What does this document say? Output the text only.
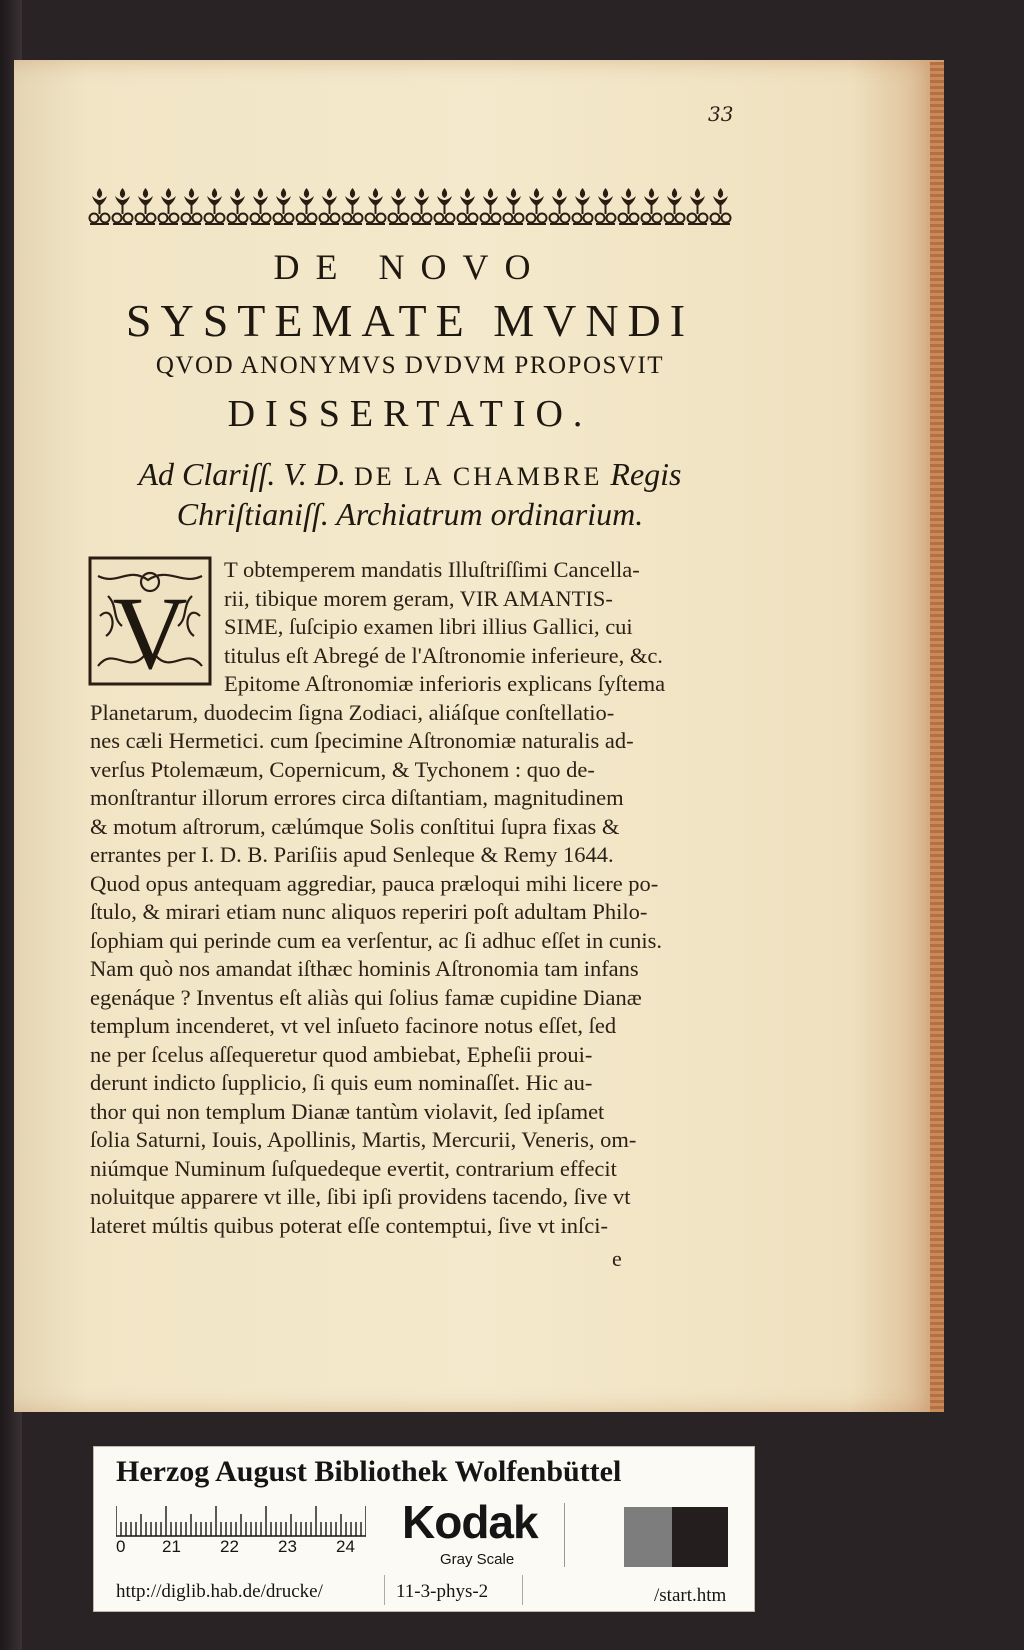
33
DE NOVO
SYSTEMATE MVNDI
QVOD ANONYMVS DVDVM PROPOSVIT
DISSERTATIO.
Ad Clariſſ. V. D. DE LA CHAMBRE Regis
Chriſtianiſſ. Archiatrum ordinarium.
V
T obtemperem mandatis Illuſtriſſimi Cancella-
rii, tibique morem geram, VIR AMANTIS-
SIME, ſuſcipio examen libri illius Gallici, cui
titulus eſt Abregé de l'Aſtronomie inferieure, &c.
Epitome Aſtronomiæ inferioris explicans ſyſtema
Planetarum, duodecim ſigna Zodiaci, aliáſque conſtellatio-
nes cæli Hermetici. cum ſpecimine Aſtronomiæ naturalis ad-
verſus Ptolemæum, Copernicum, & Tychonem : quo de-
monſtrantur illorum errores circa diſtantiam, magnitudinem
& motum aſtrorum, cælúmque Solis conſtitui ſupra fixas &
errantes per I. D. B. Pariſiis apud Senleque & Remy 1644.
Quod opus antequam aggrediar, pauca præloqui mihi licere po-
ſtulo, & mirari etiam nunc aliquos reperiri poſt adultam Philo-
ſophiam qui perinde cum ea verſentur, ac ſi adhuc eſſet in cunis.
Nam quò nos amandat iſthæc hominis Aſtronomia tam infans
egenáque ? Inventus eſt aliàs qui ſolius famæ cupidine Dianæ
templum incenderet, vt vel inſueto facinore notus eſſet, ſed
ne per ſcelus aſſequeretur quod ambiebat, Epheſii proui-
derunt indicto ſupplicio, ſi quis eum nominaſſet. Hic au-
thor qui non templum Dianæ tantùm violavit, ſed ipſamet
ſolia Saturni, Iouis, Apollinis, Martis, Mercurii, Veneris, om-
niúmque Numinum ſuſquedeque evertit, contrarium effecit
noluitque apparere vt ille, ſibi ipſi providens tacendo, ſive vt
lateret múltis quibus poterat eſſe contemptui, ſive vt inſci-
e
Herzog August Bibliothek Wolfenbüttel
0 21 22 23 24 Kodak
Gray Scale
http://diglib.hab.de/drucke/	11-3-phys-2	/start.htm
